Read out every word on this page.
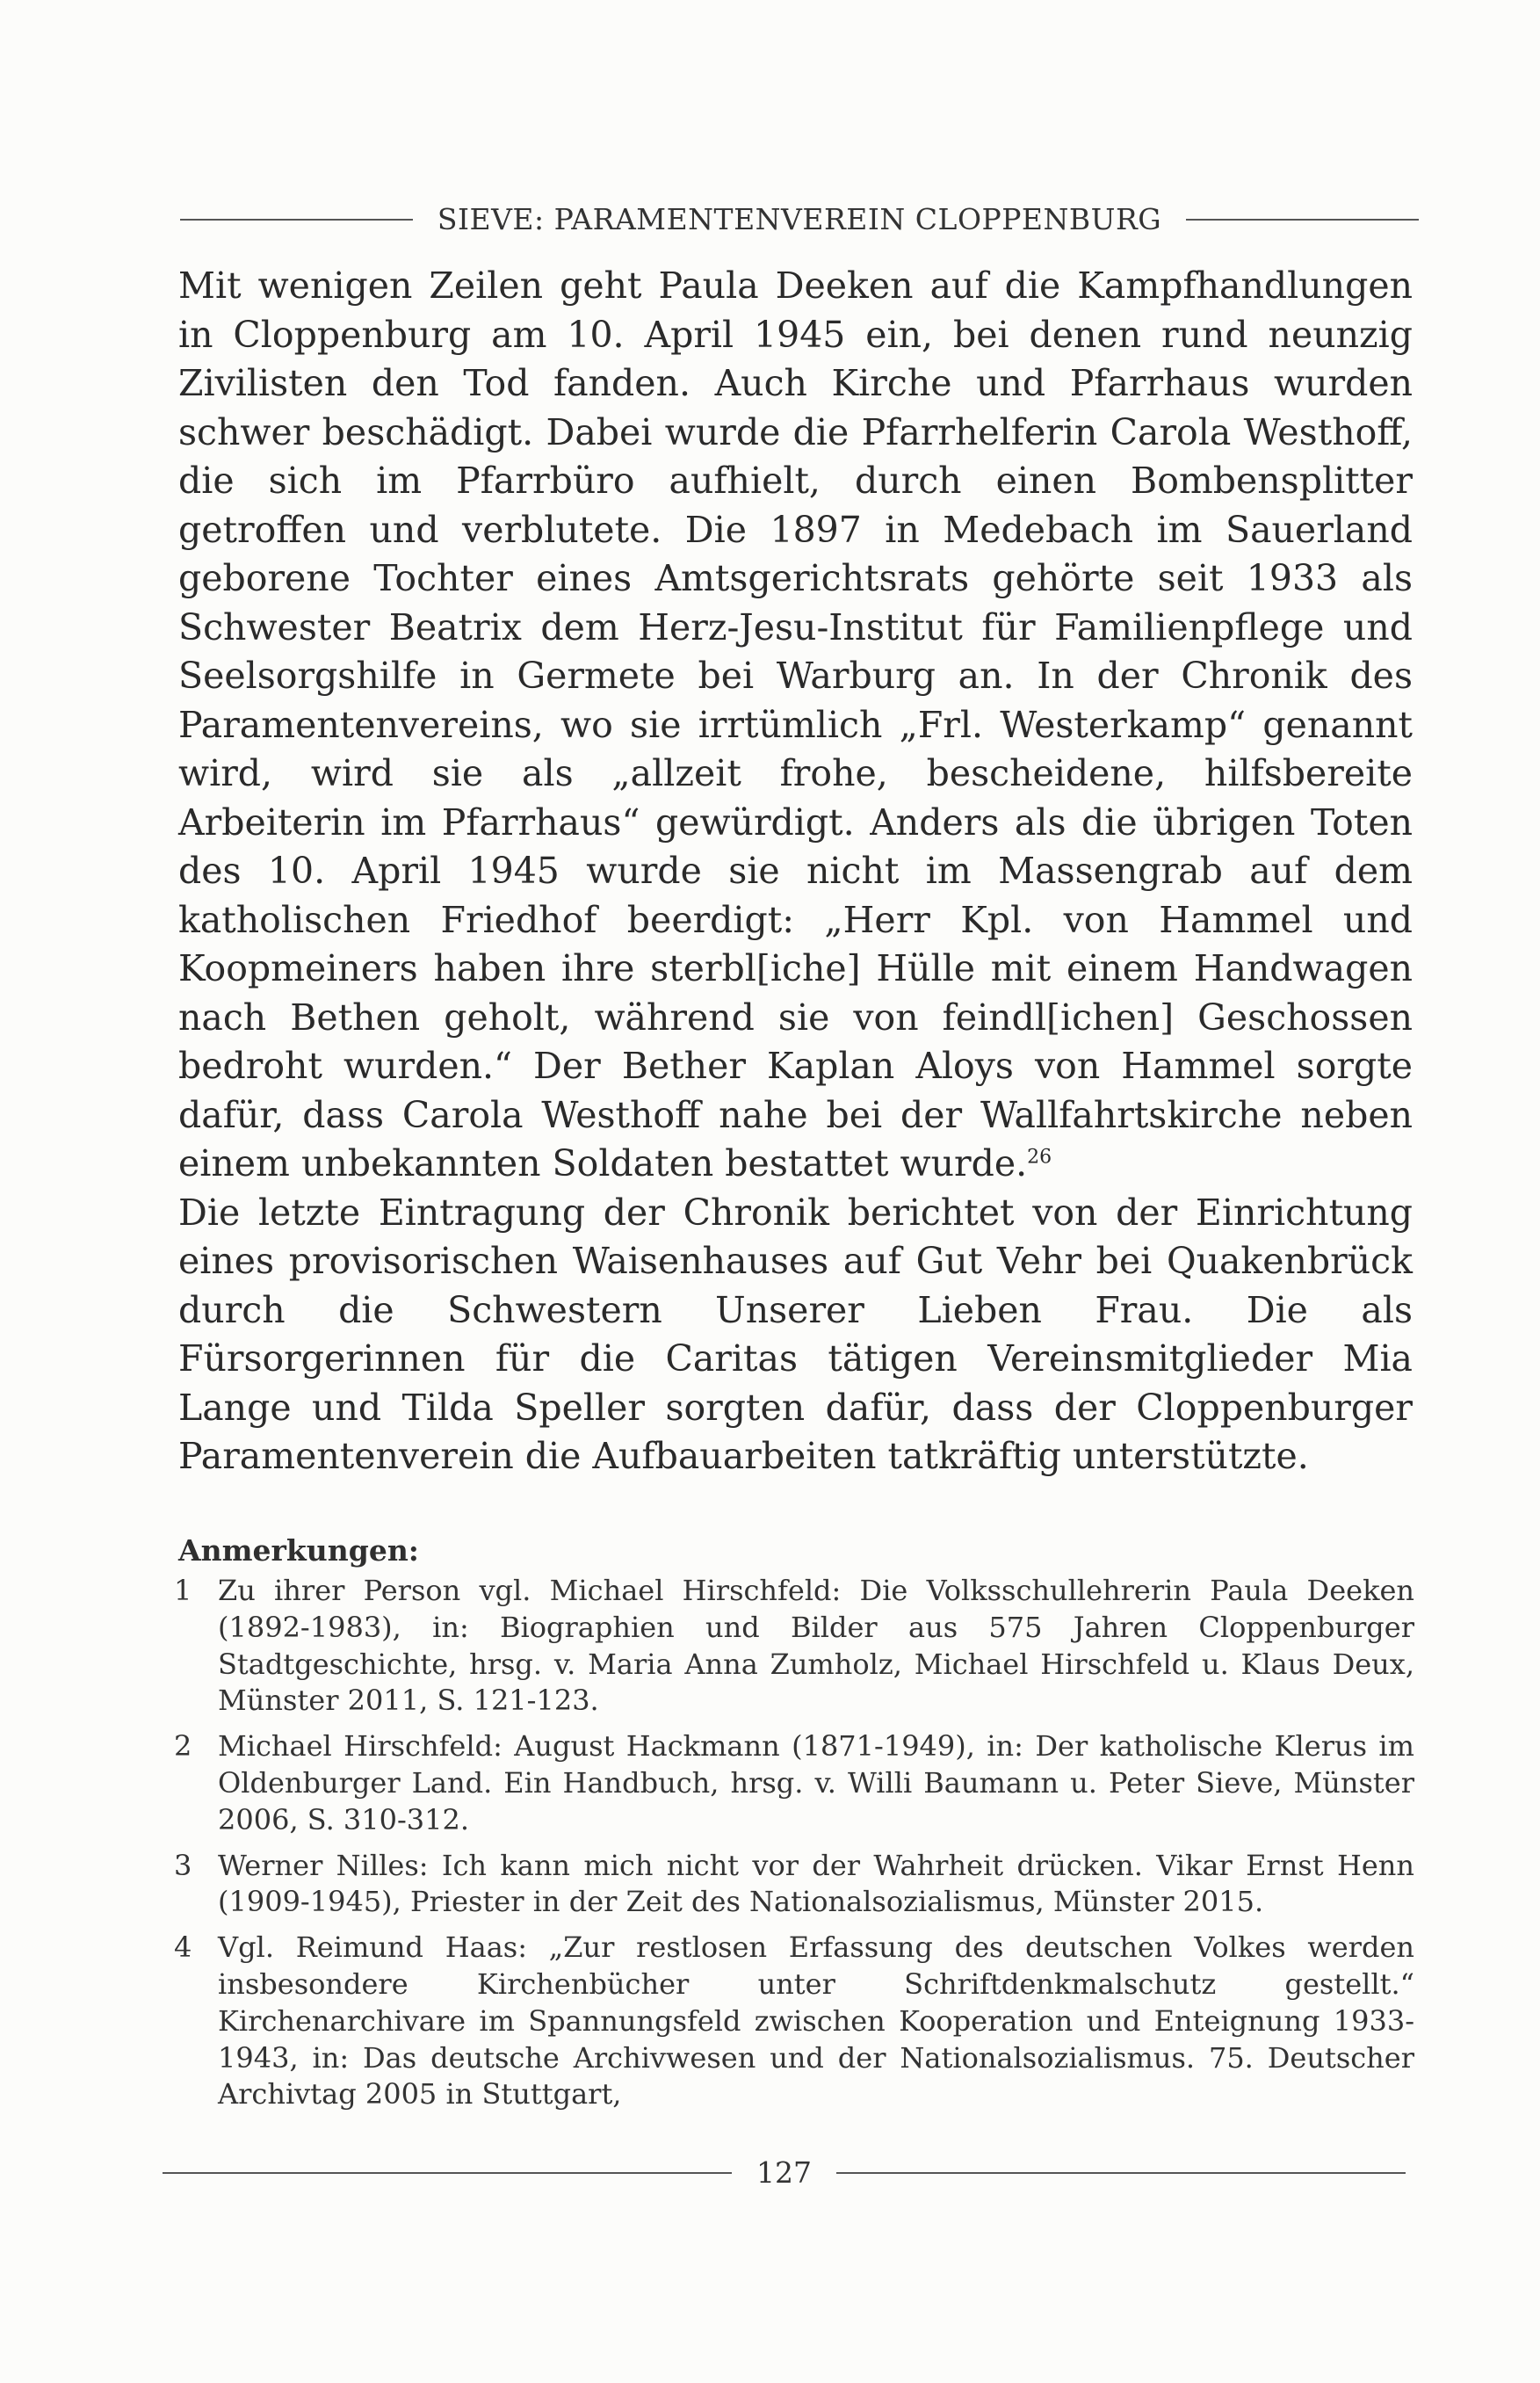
SIEVE: PARAMENTENVEREIN CLOPPENBURG

Mit wenigen Zeilen geht Paula Deeken auf die Kampfhandlungen in Cloppenburg am 10. April 1945 ein, bei denen rund neunzig Zivilisten den Tod fanden. Auch Kirche und Pfarrhaus wurden schwer beschädigt. Dabei wurde die Pfarrhelferin Carola Westhoff, die sich im Pfarrbüro aufhielt, durch einen Bombensplitter getroffen und verblutete. Die 1897 in Medebach im Sauerland geborene Tochter eines Amtsgerichtsrats gehörte seit 1933 als Schwester Beatrix dem Herz-Jesu-Institut für Familienpflege und Seelsorgshilfe in Germete bei Warburg an. In der Chronik des Paramentenvereins, wo sie irrtümlich „Frl. Westerkamp“ genannt wird, wird sie als „allzeit frohe, bescheidene, hilfsbereite Arbeiterin im Pfarrhaus“ gewürdigt. Anders als die übrigen Toten des 10. April 1945 wurde sie nicht im Massengrab auf dem katholischen Friedhof beerdigt: „Herr Kpl. von Hammel und Koopmeiners haben ihre sterbl[iche] Hülle mit einem Handwagen nach Bethen geholt, während sie von feindl[ichen] Geschossen bedroht wurden.“ Der Bether Kaplan Aloys von Hammel sorgte dafür, dass Carola Westhoff nahe bei der Wallfahrtskirche neben einem unbekannten Soldaten bestattet wurde.$^{26}$

Die letzte Eintragung der Chronik berichtet von der Einrichtung eines provisorischen Waisenhauses auf Gut Vehr bei Quakenbrück durch die Schwestern Unserer Lieben Frau. Die als Fürsorgerinnen für die Caritas tätigen Vereinsmitglieder Mia Lange und Tilda Speller sorgten dafür, dass der Cloppenburger Paramentenverein die Aufbauarbeiten tatkräftig unterstützte.

Anmerkungen:
1 Zu ihrer Person vgl. Michael Hirschfeld: Die Volksschullehrerin Paula Deeken (1892-1983), in: Biographien und Bilder aus 575 Jahren Cloppenburger Stadtgeschichte, hrsg. v. Maria Anna Zumholz, Michael Hirschfeld u. Klaus Deux, Münster 2011, S. 121-123.
2 Michael Hirschfeld: August Hackmann (1871-1949), in: Der katholische Klerus im Oldenburger Land. Ein Handbuch, hrsg. v. Willi Baumann u. Peter Sieve, Münster 2006, S. 310-312.
3 Werner Nilles: Ich kann mich nicht vor der Wahrheit drücken. Vikar Ernst Henn (1909-1945), Priester in der Zeit des Nationalsozialismus, Münster 2015.
4 Vgl. Reimund Haas: „Zur restlosen Erfassung des deutschen Volkes werden insbesondere Kirchenbücher unter Schriftdenkmalschutz gestellt.“ Kirchenarchivare im Spannungsfeld zwischen Kooperation und Enteignung 1933-1943, in: Das deutsche Archivwesen und der Nationalsozialismus. 75. Deutscher Archivtag 2005 in Stuttgart,
127
